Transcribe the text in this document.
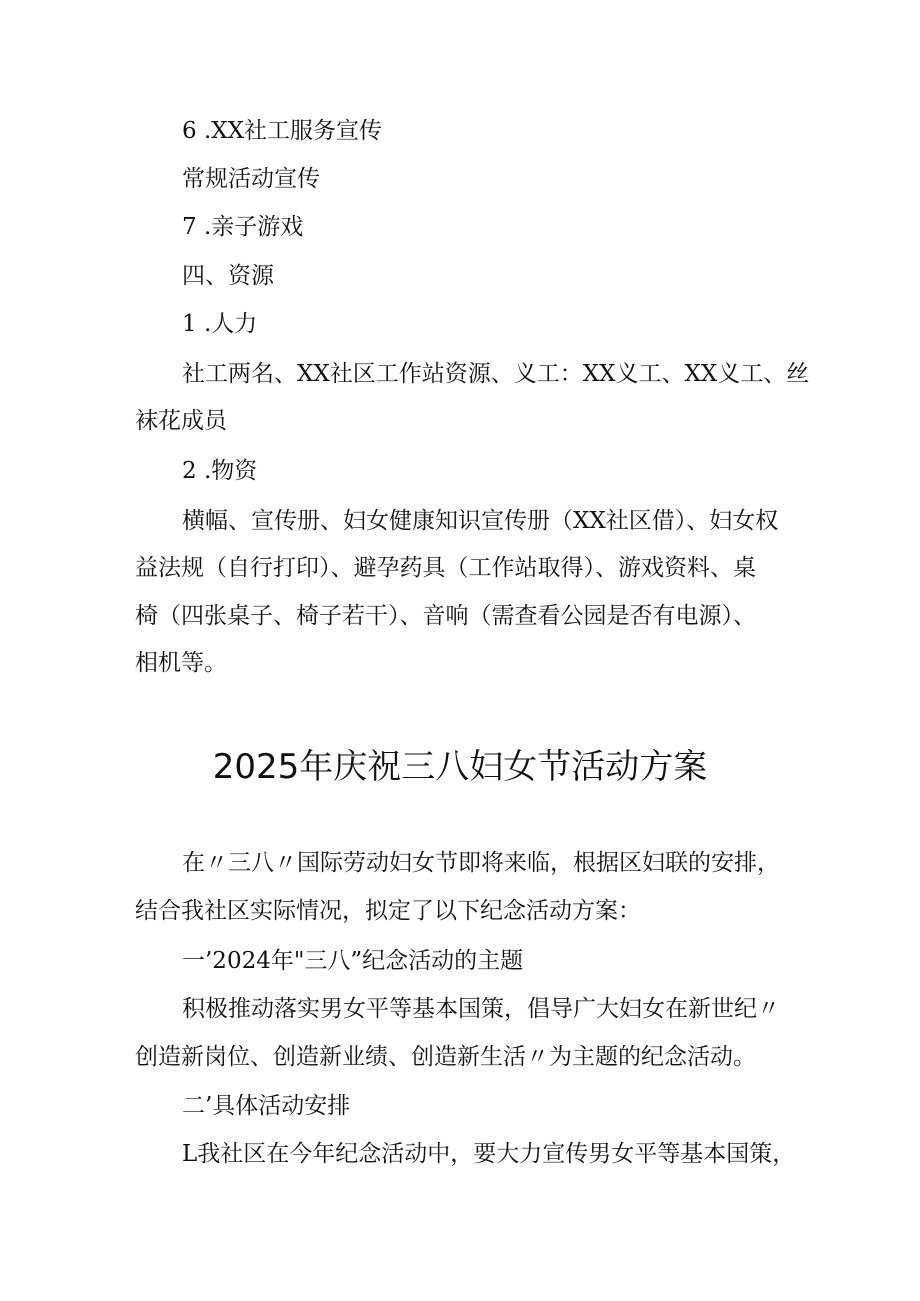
6 .XX社工服务宣传
常规活动宣传
7 .亲子游戏
四、资源
1 .人力
社工两名、XX社区工作站资源、义工：XX义工、XX义工、丝
袜花成员
2 .物资
横幅、宣传册、妇女健康知识宣传册（XX社区借）、妇女权
益法规（自行打印）、避孕药具（工作站取得）、游戏资料、桌
椅（四张桌子、椅子若干）、音响（需查看公园是否有电源）、
相机等。
2025年庆祝三八妇女节活动方案
在〃三八〃国际劳动妇女节即将来临，根据区妇联的安排，
结合我社区实际情况，拟定了以下纪念活动方案：
一’2024年"三八”纪念活动的主题
积极推动落实男女平等基本国策，倡导广大妇女在新世纪〃
创造新岗位、创造新业绩、创造新生活〃为主题的纪念活动。
二’具体活动安排
L我社区在今年纪念活动中，要大力宣传男女平等基本国策，
